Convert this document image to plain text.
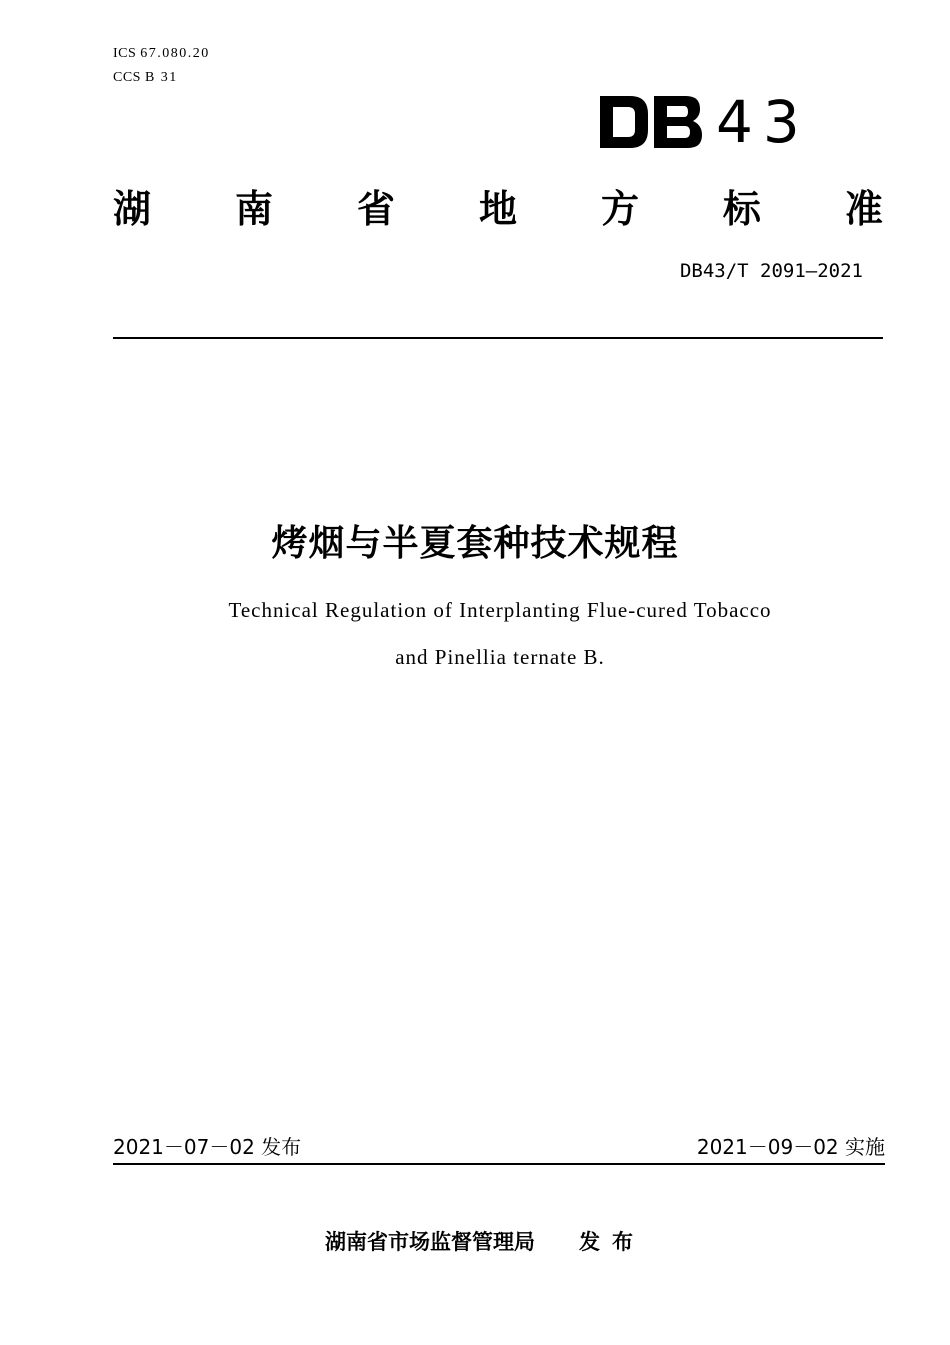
ICS 67.080.20
CCS B 31
43
湖 南 省 地 方 标 准
DB43/T 2091—2021
烤烟与半夏套种技术规程
Technical Regulation of Interplanting Flue-cured Tobacco
and Pinellia ternate B.
2021－07－02 发布	2021－09－02 实施
湖南省市场监督管理局 发布
